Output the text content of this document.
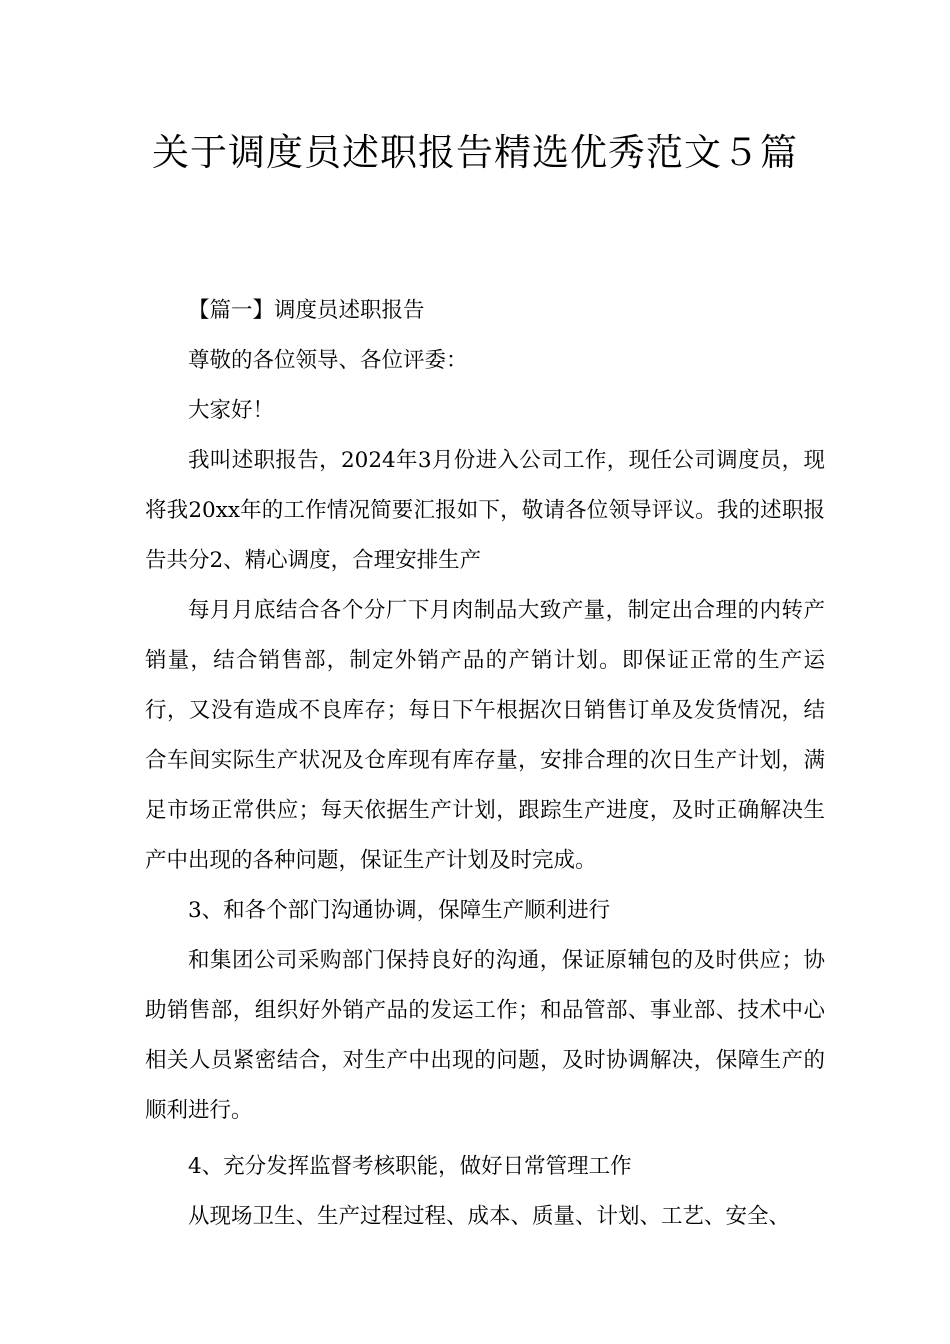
关于调度员述职报告精选优秀范文５篇

【篇一】调度员述职报告

尊敬的各位领导、各位评委：

大家好！

我叫述职报告，2024年3月份进入公司工作，现任公司调度员，现将我20xx年的工作情况简要汇报如下，敬请各位领导评议。我的述职报告共分2、精心调度，合理安排生产

每月月底结合各个分厂下月肉制品大致产量，制定出合理的内转产销量，结合销售部，制定外销产品的产销计划。即保证正常的生产运行，又没有造成不良库存；每日下午根据次日销售订单及发货情况，结合车间实际生产状况及仓库现有库存量，安排合理的次日生产计划，满足市场正常供应；每天依据生产计划，跟踪生产进度，及时正确解决生产中出现的各种问题，保证生产计划及时完成。

3、和各个部门沟通协调，保障生产顺利进行

和集团公司采购部门保持良好的沟通，保证原辅包的及时供应；协助销售部，组织好外销产品的发运工作；和品管部、事业部、技术中心相关人员紧密结合，对生产中出现的问题，及时协调解决，保障生产的顺利进行。

4、充分发挥监督考核职能，做好日常管理工作

从现场卫生、生产过程过程、成本、质量、计划、工艺、安全、
